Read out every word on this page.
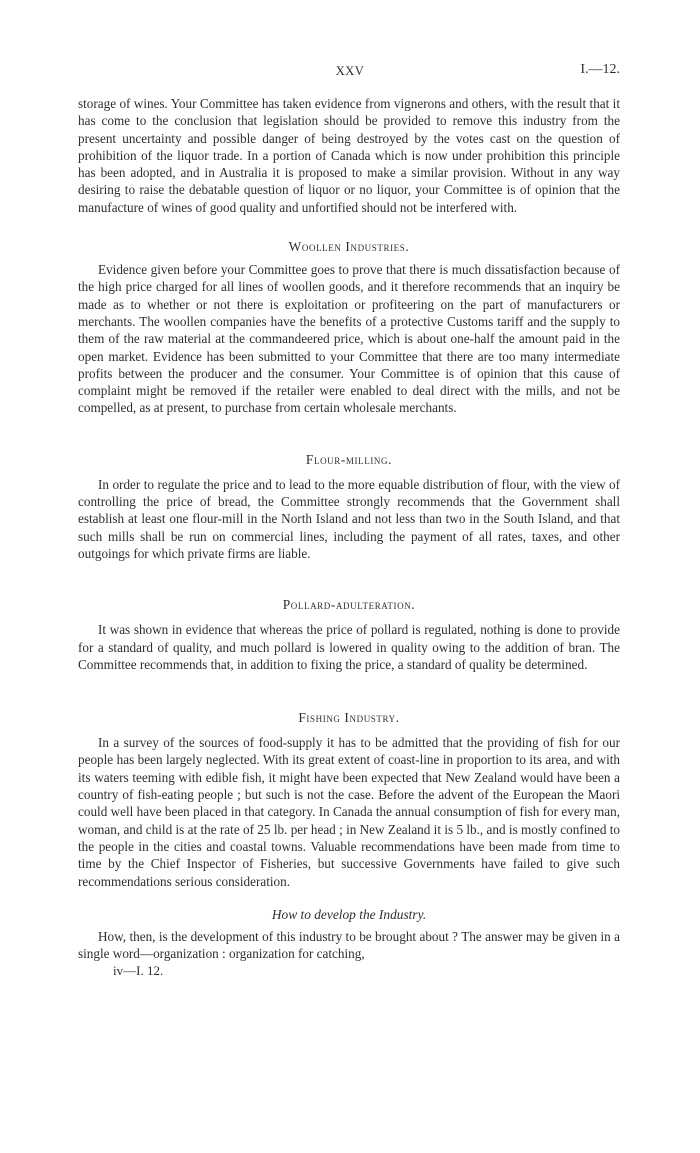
XXV	I.—12.

storage of wines. Your Committee has taken evidence from vignerons and others, with the result that it has come to the conclusion that legislation should be provided to remove this industry from the present uncertainty and possible danger of being destroyed by the votes cast on the question of prohibition of the liquor trade. In a portion of Canada which is now under prohibition this principle has been adopted, and in Australia it is proposed to make a similar provision. Without in any way desiring to raise the debatable question of liquor or no liquor, your Committee is of opinion that the manufacture of wines of good quality and unfortified should not be interfered with.

Woollen Industries.

Evidence given before your Committee goes to prove that there is much dissatisfaction because of the high price charged for all lines of woollen goods, and it therefore recommends that an inquiry be made as to whether or not there is exploitation or profiteering on the part of manufacturers or merchants. The woollen companies have the benefits of a protective Customs tariff and the supply to them of the raw material at the commandeered price, which is about one-half the amount paid in the open market. Evidence has been submitted to your Committee that there are too many intermediate profits between the producer and the consumer. Your Committee is of opinion that this cause of complaint might be removed if the retailer were enabled to deal direct with the mills, and not be compelled, as at present, to purchase from certain wholesale merchants.

Flour-milling.

In order to regulate the price and to lead to the more equable distribution of flour, with the view of controlling the price of bread, the Committee strongly recommends that the Government shall establish at least one flour-mill in the North Island and not less than two in the South Island, and that such mills shall be run on commercial lines, including the payment of all rates, taxes, and other outgoings for which private firms are liable.

Pollard-adulteration.

It was shown in evidence that whereas the price of pollard is regulated, nothing is done to provide for a standard of quality, and much pollard is lowered in quality owing to the addition of bran. The Committee recommends that, in addition to fixing the price, a standard of quality be determined.

Fishing Industry.

In a survey of the sources of food-supply it has to be admitted that the providing of fish for our people has been largely neglected. With its great extent of coast-line in proportion to its area, and with its waters teeming with edible fish, it might have been expected that New Zealand would have been a country of fish-eating people ; but such is not the case. Before the advent of the European the Maori could well have been placed in that category. In Canada the annual consumption of fish for every man, woman, and child is at the rate of 25 lb. per head ; in New Zealand it is 5 lb., and is mostly confined to the people in the cities and coastal towns. Valuable recommendations have been made from time to time by the Chief Inspector of Fisheries, but successive Governments have failed to give such recommendations serious consideration.

How to develop the Industry.

How, then, is the development of this industry to be brought about ? The answer may be given in a single word—organization : organization for catching,

iv—I. 12.
